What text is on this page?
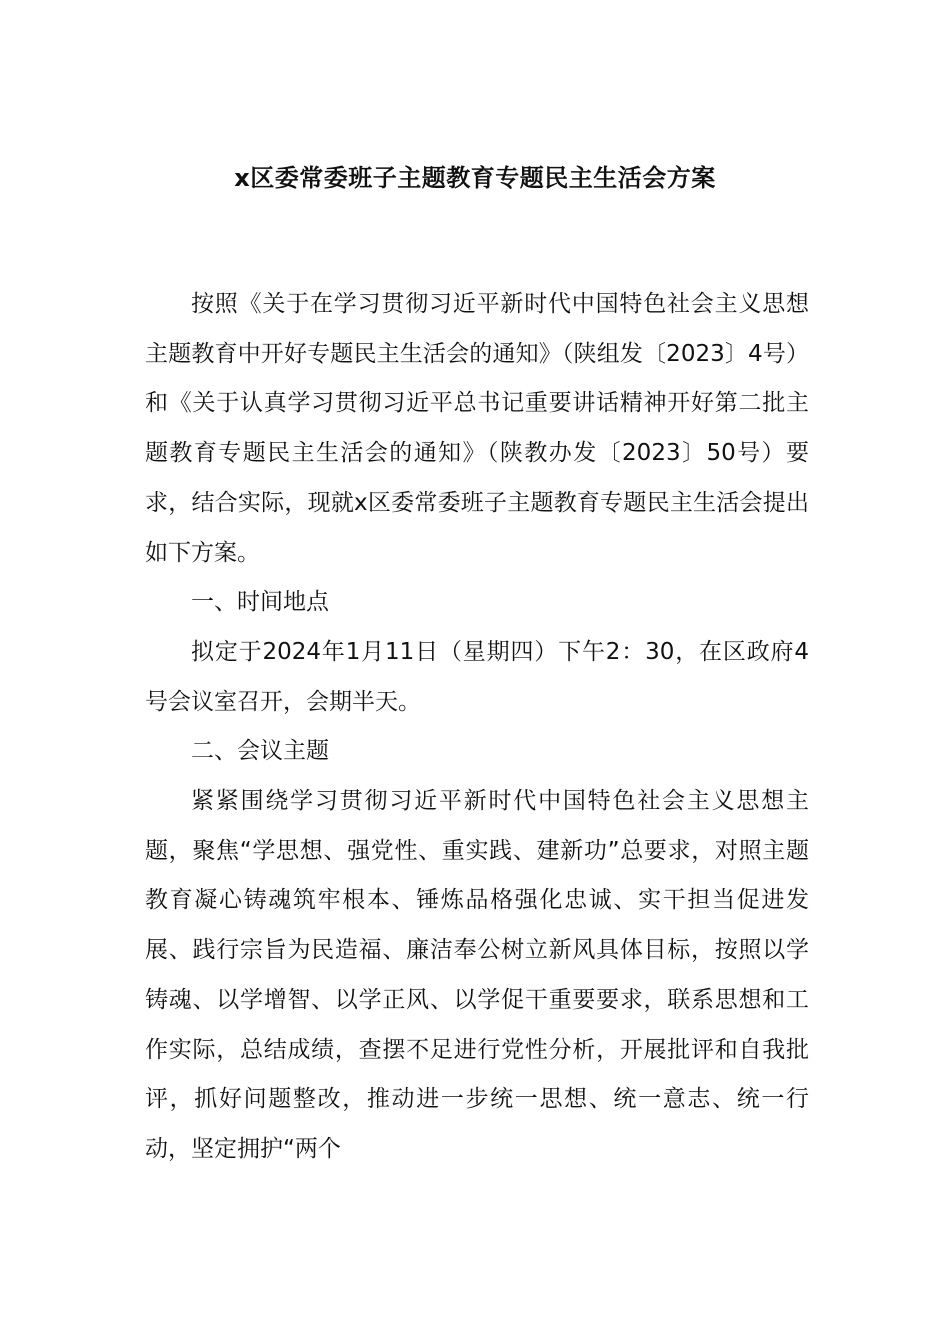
x区委常委班子主题教育专题民主生活会方案

按照《关于在学习贯彻习近平新时代中国特色社会主义思想主题教育中开好专题民主生活会的通知》（陕组发〔2023〕4号）和《关于认真学习贯彻习近平总书记重要讲话精神开好第二批主题教育专题民主生活会的通知》（陕教办发〔2023〕50号）要求，结合实际，现就x区委常委班子主题教育专题民主生活会提出如下方案。

一、时间地点

拟定于2024年1月11日（星期四）下午2：30，在区政府4号会议室召开，会期半天。

二、会议主题

紧紧围绕学习贯彻习近平新时代中国特色社会主义思想主题，聚焦“学思想、强党性、重实践、建新功”总要求，对照主题教育凝心铸魂筑牢根本、锤炼品格强化忠诚、实干担当促进发展、践行宗旨为民造福、廉洁奉公树立新风具体目标，按照以学铸魂、以学增智、以学正风、以学促干重要要求，联系思想和工作实际，总结成绩，查摆不足进行党性分析，开展批评和自我批评，抓好问题整改，推动进一步统一思想、统一意志、统一行动，坚定拥护“两个
